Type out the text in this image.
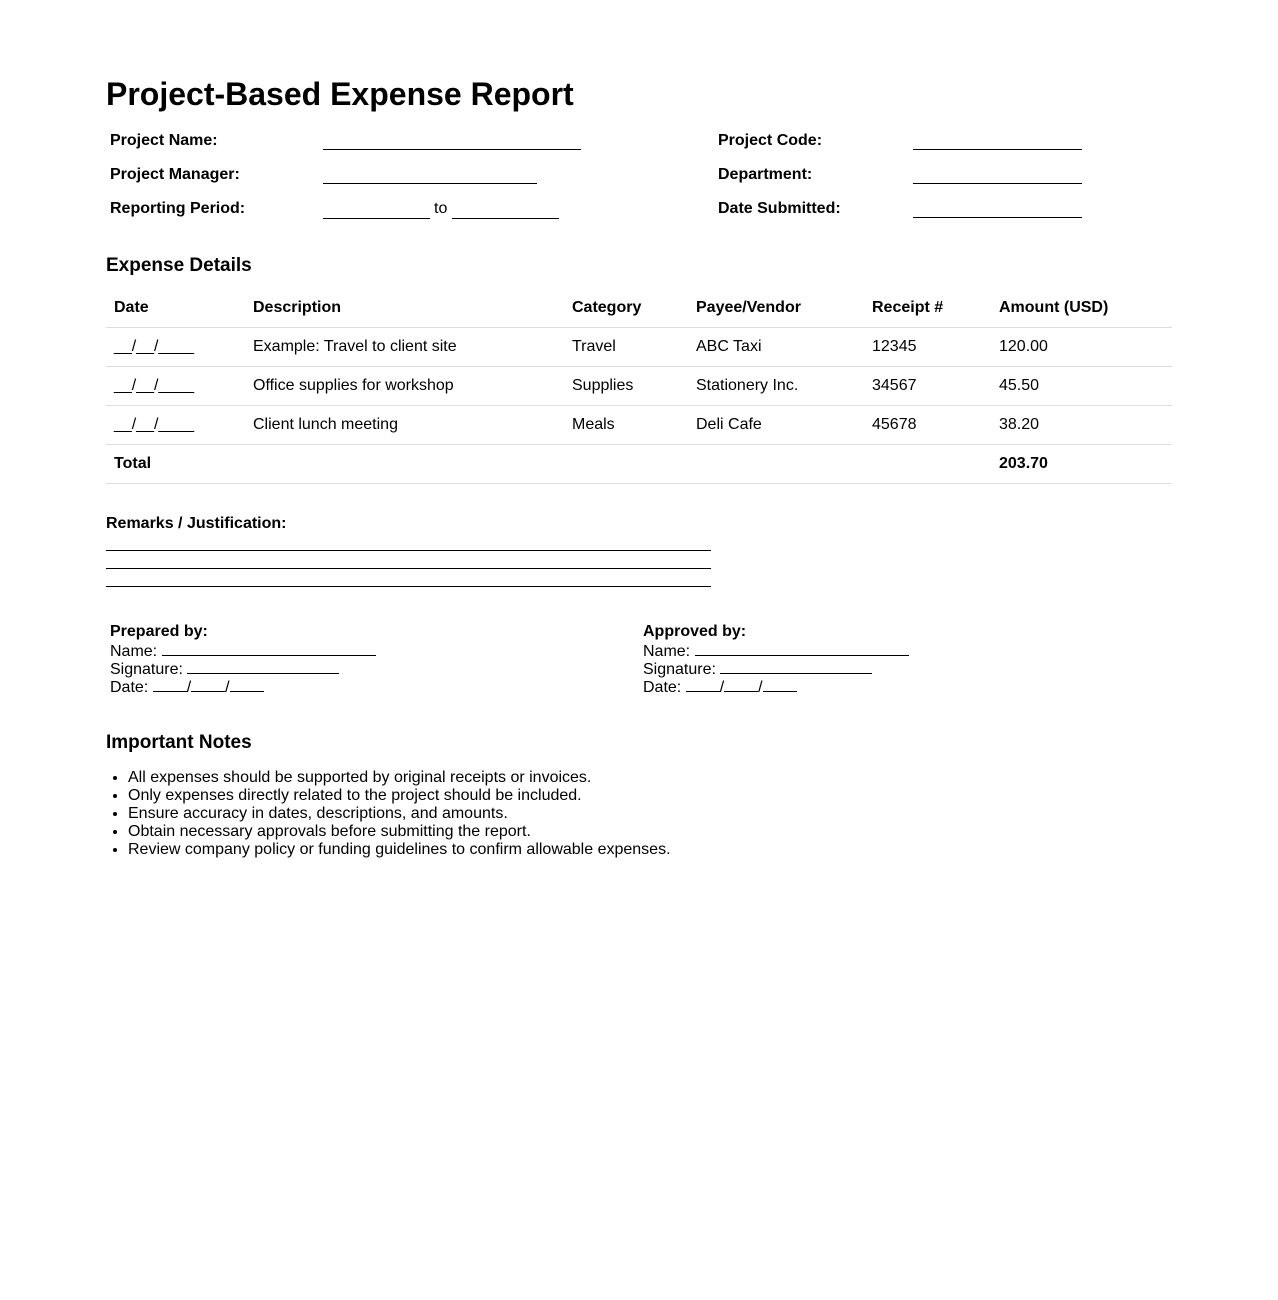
Project-Based Expense Report
Project Name:
Project Manager:
Reporting Period:	to
Project Code:
Department:
Date Submitted:
Expense Details
Date	Description	Category	Payee/Vendor	Receipt #	Amount (USD)
__/__/____	Example: Travel to client site	Travel	ABC Taxi	12345	120.00
__/__/____	Office supplies for workshop	Supplies	Stationery Inc.	34567	45.50
__/__/____	Client lunch meeting	Meals	Deli Cafe	45678	38.20
Total					203.70
Remarks / Justification:
Prepared by:
Name:
Signature:
Date: / /
Approved by:
Name:
Signature:
Date: / /
Important Notes
• All expenses should be supported by original receipts or invoices.
• Only expenses directly related to the project should be included.
• Ensure accuracy in dates, descriptions, and amounts.
• Obtain necessary approvals before submitting the report.
• Review company policy or funding guidelines to confirm allowable expenses.
